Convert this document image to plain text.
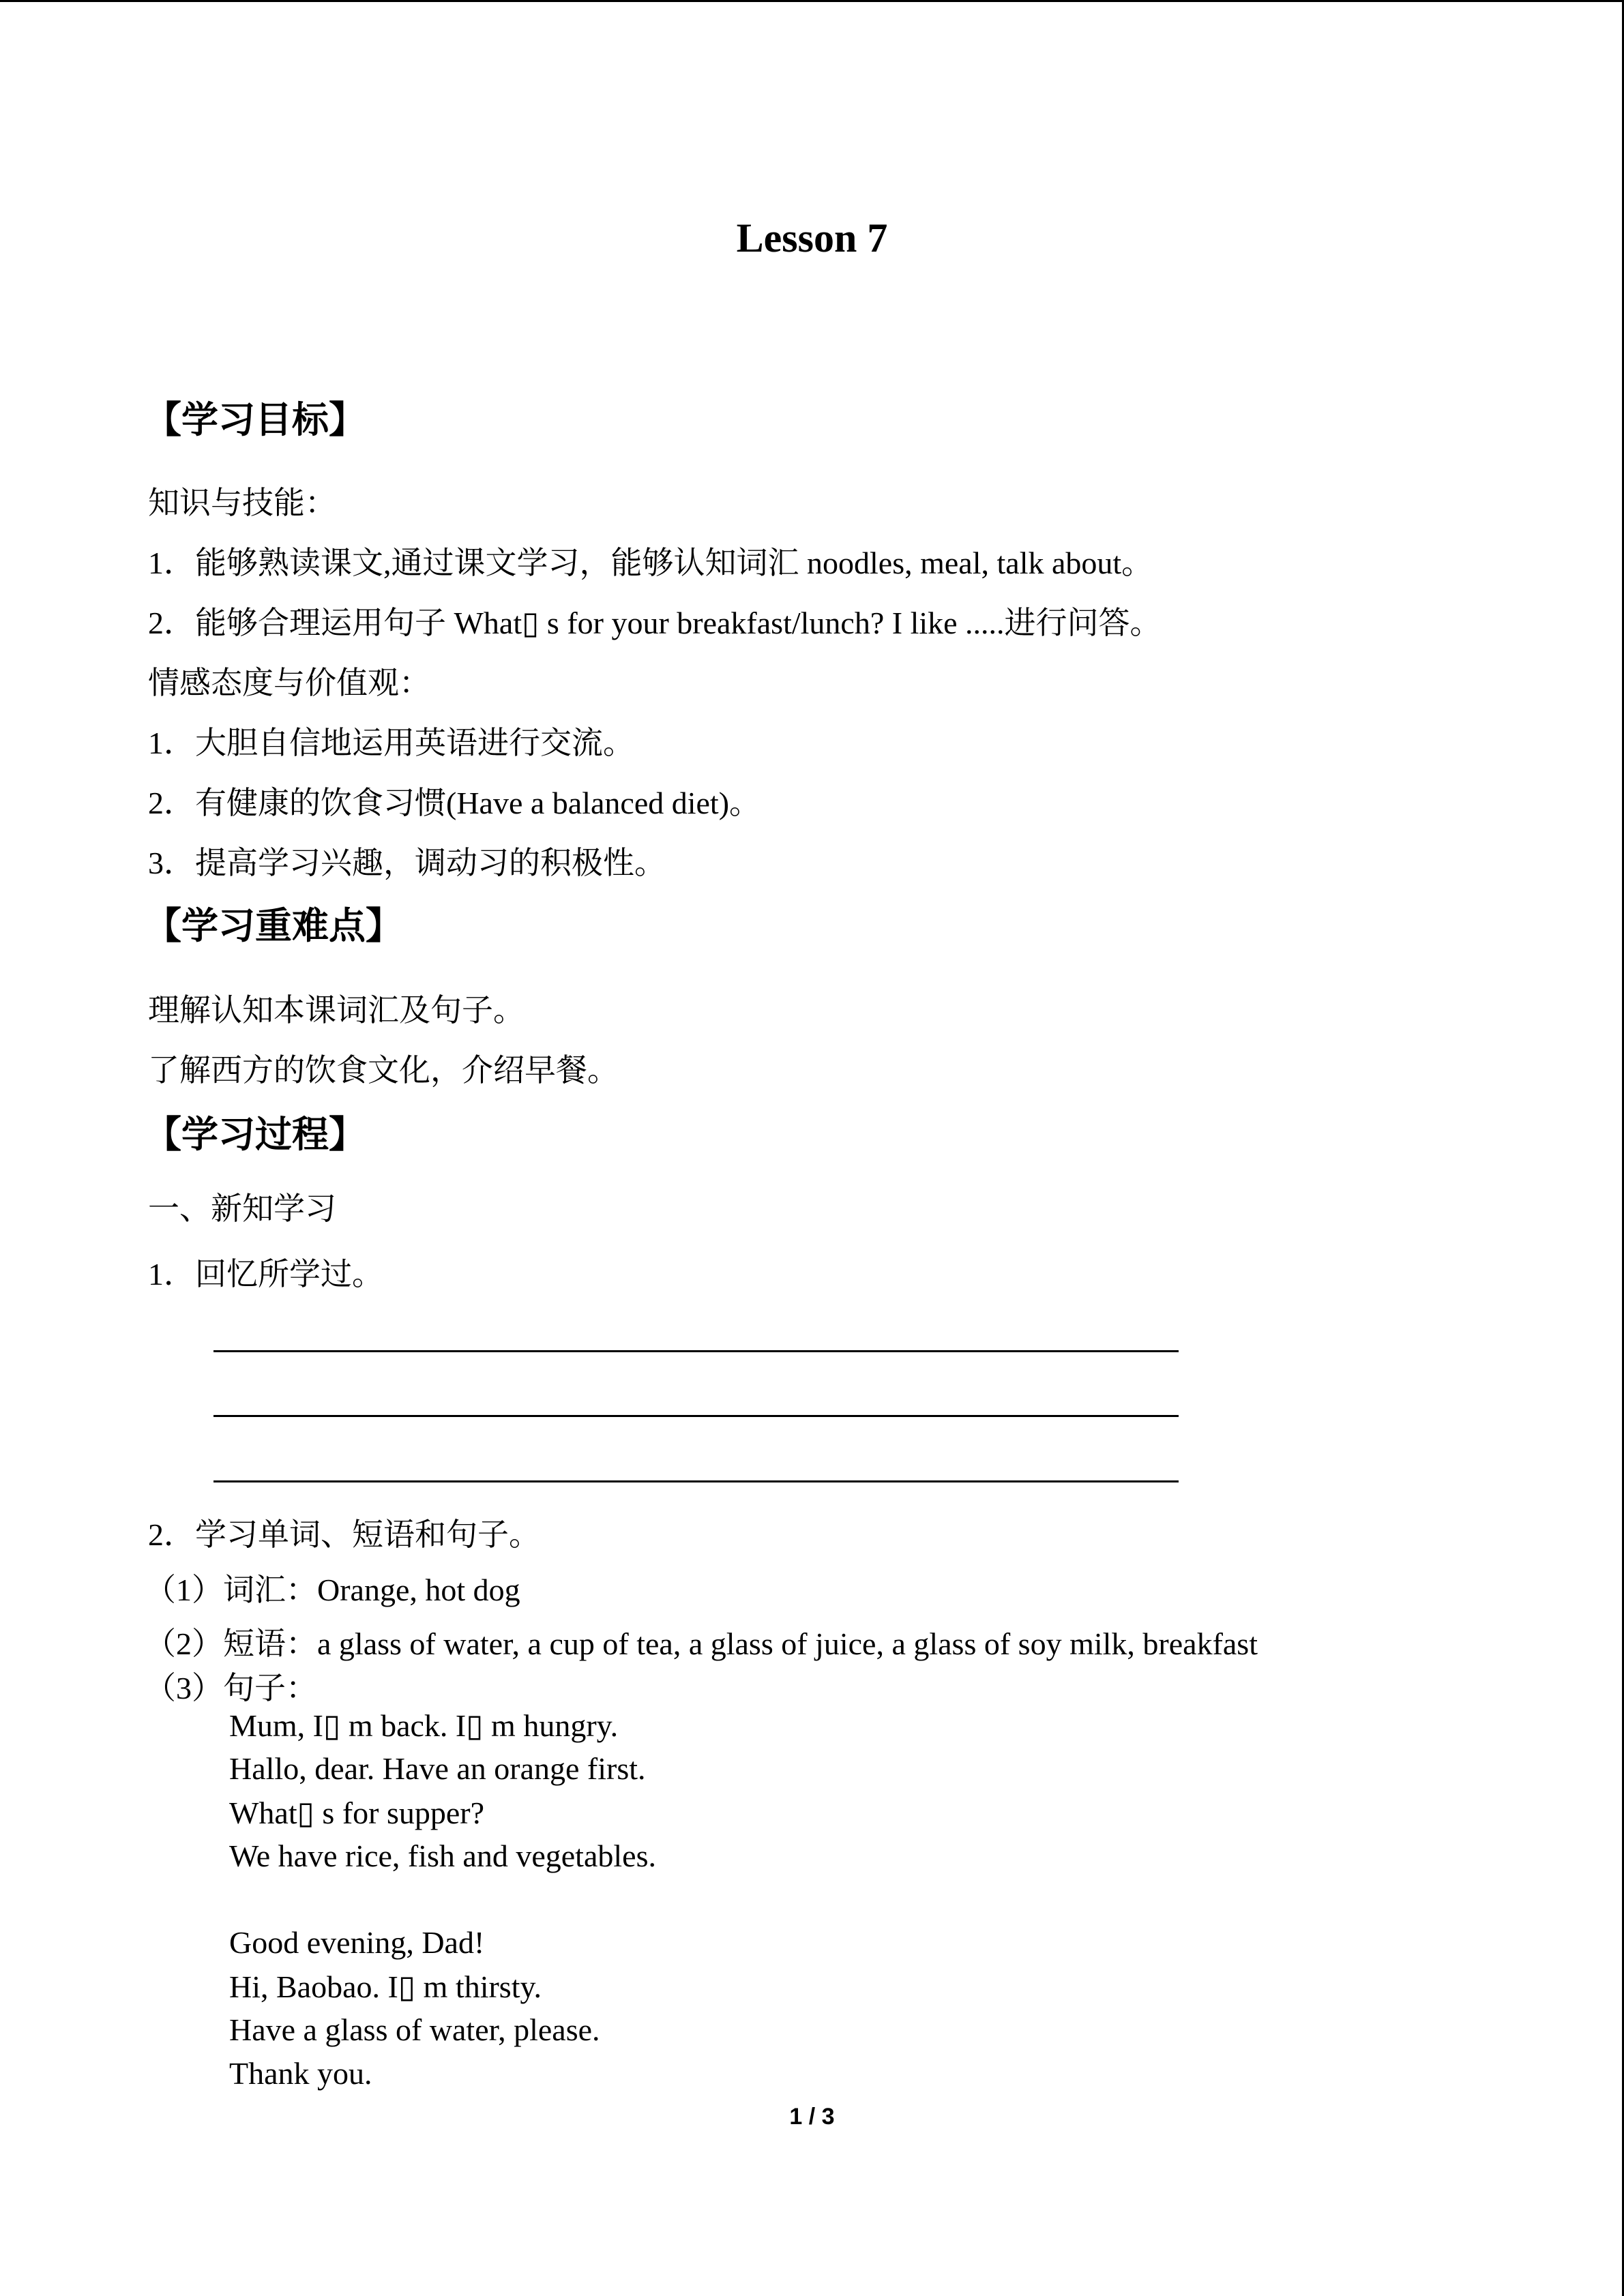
Lesson 7
【学习目标】
知识与技能：
1．能够熟读课文,通过课文学习，能够认知词汇 noodles, meal, talk about。
2．能够合理运用句子 What▯ s for your breakfast/lunch? I like .....进行问答。
情感态度与价值观：
1．大胆自信地运用英语进行交流。
2．有健康的饮食习惯(Have a balanced diet)。
3．提高学习兴趣，调动习的积极性。
【学习重难点】
理解认知本课词汇及句子。
了解西方的饮食文化，介绍早餐。
【学习过程】
一、新知学习
1．回忆所学过。
2．学习单词、短语和句子。
（1）词汇：Orange, hot dog
（2）短语：a glass of water, a cup of tea, a glass of juice, a glass of soy milk, breakfast
（3）句子：
Mum, I▯ m back. I▯ m hungry.
Hallo, dear. Have an orange first.
What▯ s for supper?
We have rice, fish and vegetables.
Good evening, Dad!
Hi, Baobao. I▯ m thirsty.
Have a glass of water, please.
Thank you.
1 / 3
